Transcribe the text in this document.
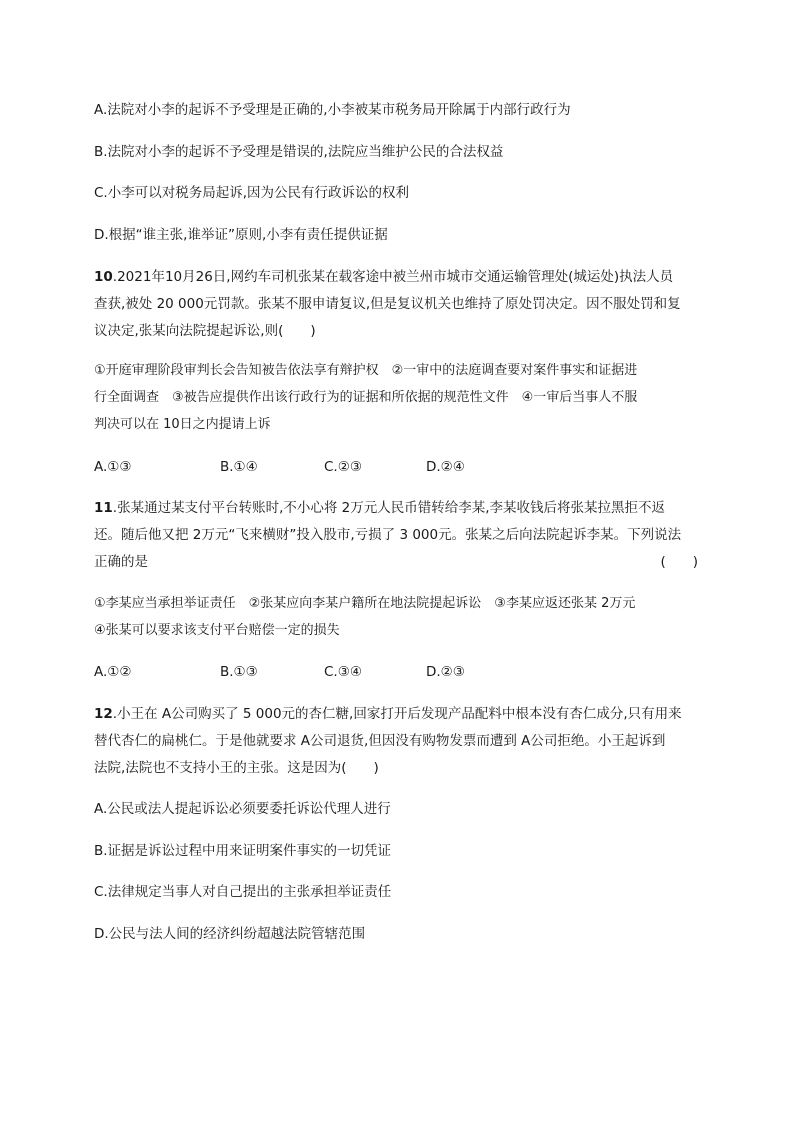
A.法院对小李的起诉不予受理是正确的,小李被某市税务局开除属于内部行政行为
B.法院对小李的起诉不予受理是错误的,法院应当维护公民的合法权益
C.小李可以对税务局起诉,因为公民有行政诉讼的权利
D.根据“谁主张,谁举证”原则,小李有责任提供证据
10.2021年10月26日,网约车司机张某在载客途中被兰州市城市交通运输管理处(城运处)执法人员
查获,被处 20 000元罚款。张某不服申请复议,但是复议机关也维持了原处罚决定。因不服处罚和复
议决定,张某向法院提起诉讼,则(　　)
①开庭审理阶段审判长会告知被告依法享有辩护权　②一审中的法庭调查要对案件事实和证据进
行全面调查　③被告应提供作出该行政行为的证据和所依据的规范性文件　④一审后当事人不服
判决可以在 10日之内提请上诉
A.①③	B.①④	C.②③	D.②④
11.张某通过某支付平台转账时,不小心将 2万元人民币错转给李某,李某收钱后将张某拉黑拒不返
还。随后他又把 2万元“飞来横财”投入股市,亏损了 3 000元。张某之后向法院起诉李某。下列说法
正确的是	(　　)
①李某应当承担举证责任　②张某应向李某户籍所在地法院提起诉讼　③李某应返还张某 2万元
④张某可以要求该支付平台赔偿一定的损失
A.①②	B.①③	C.③④	D.②③
12.小王在 A公司购买了 5 000元的杏仁糖,回家打开后发现产品配料中根本没有杏仁成分,只有用来
替代杏仁的扁桃仁。于是他就要求 A公司退货,但因没有购物发票而遭到 A公司拒绝。小王起诉到
法院,法院也不支持小王的主张。这是因为(　　)
A.公民或法人提起诉讼必须要委托诉讼代理人进行
B.证据是诉讼过程中用来证明案件事实的一切凭证
C.法律规定当事人对自己提出的主张承担举证责任
D.公民与法人间的经济纠纷超越法院管辖范围
